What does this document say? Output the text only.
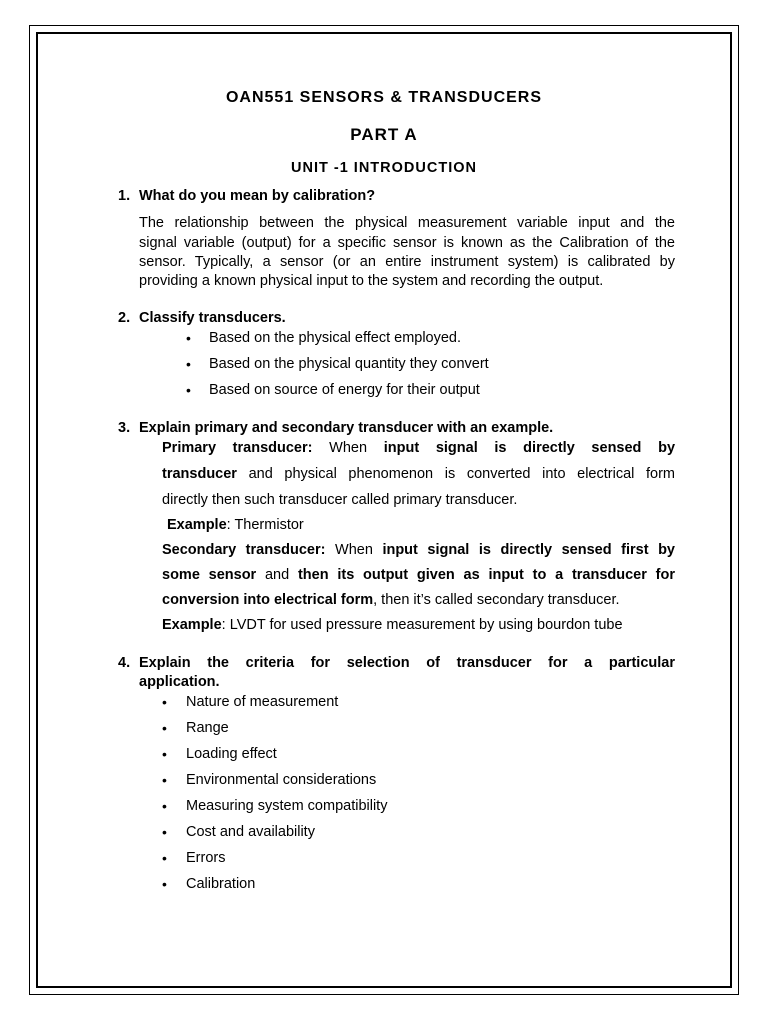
OAN551 SENSORS & TRANSDUCERS
PART A
UNIT -1 INTRODUCTION
1. What do you mean by calibration?
The relationship between the physical measurement variable input and the
signal variable (output) for a specific sensor is known as the Calibration of the
sensor. Typically, a sensor (or an entire instrument system) is calibrated by
providing a known physical input to the system and recording the output.
2. Classify transducers.
• Based on the physical effect employed.
• Based on the physical quantity they convert
• Based on source of energy for their output
3. Explain primary and secondary transducer with an example.
Primary transducer: When input signal is directly sensed by
transducer and physical phenomenon is converted into electrical form
directly then such transducer called primary transducer.
Example: Thermistor
Secondary transducer: When input signal is directly sensed first by
some sensor and then its output given as input to a transducer for
conversion into electrical form, then it’s called secondary transducer.
Example: LVDT for used pressure measurement by using bourdon tube
4. Explain the criteria for selection of transducer for a particular
application.
• Nature of measurement
• Range
• Loading effect
• Environmental considerations
• Measuring system compatibility
• Cost and availability
• Errors
• Calibration
